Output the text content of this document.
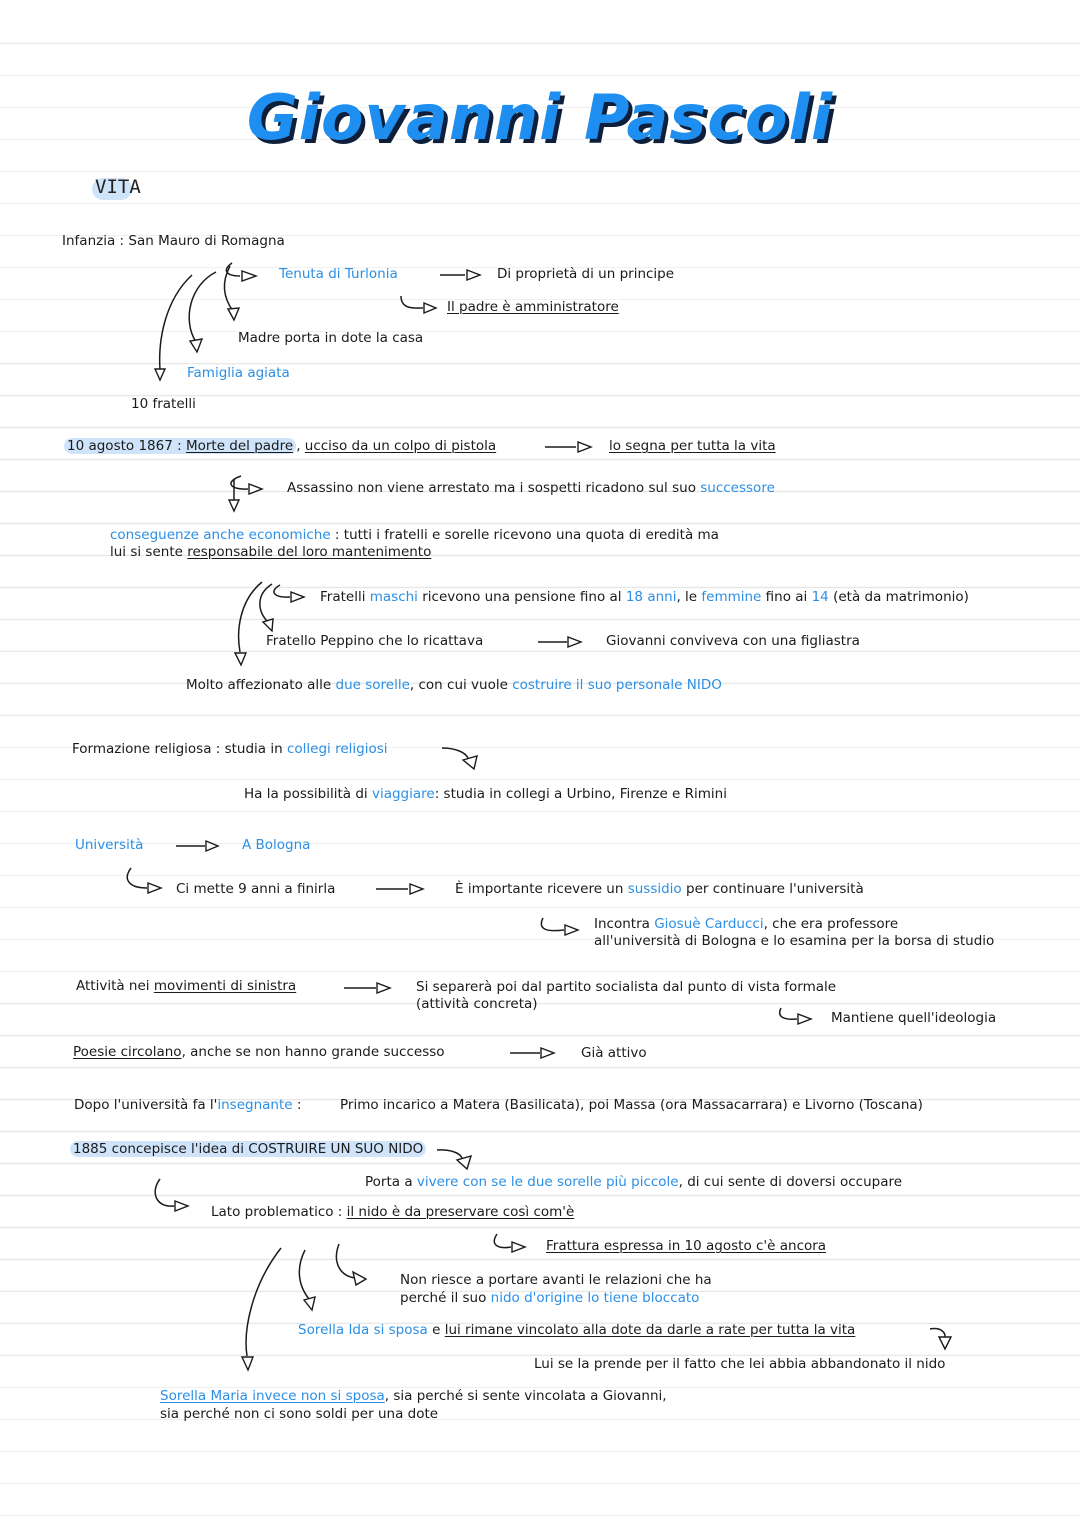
Giovanni Pascoli
VITA
Infanzia : San Mauro di Romagna
Tenuta di Turlonia	Di proprietà di un principe
Il padre è amministratore
Madre porta in dote la casa
Famiglia agiata
10 fratelli
10 agosto 1867 : Morte del padre , ucciso da un colpo di pistola	lo segna per tutta la vita
Assassino non viene arrestato ma i sospetti ricadono sul suo successore
conseguenze anche economiche : tutti i fratelli e sorelle ricevono una quota di eredità ma
lui si sente responsabile del loro mantenimento
Fratelli maschi ricevono una pensione fino al 18 anni, le femmine fino ai 14 (età da matrimonio)
Fratello Peppino che lo ricattava	Giovanni conviveva con una figliastra
Molto affezionato alle due sorelle, con cui vuole costruire il suo personale NIDO
Formazione religiosa : studia in collegi religiosi
Ha la possibilità di viaggiare: studia in collegi a Urbino, Firenze e Rimini
Università	A Bologna
Ci mette 9 anni a finirla	È importante ricevere un sussidio per continuare l'università
Incontra Giosuè Carducci, che era professore
all'università di Bologna e lo esamina per la borsa di studio
Attività nei movimenti di sinistra	Si separerà poi dal partito socialista dal punto di vista formale
(attività concreta)
Mantiene quell'ideologia
Poesie circolano, anche se non hanno grande successo	Già attivo
Dopo l'università fa l'insegnante :	Primo incarico a Matera (Basilicata), poi Massa (ora Massacarrara) e Livorno (Toscana)
1885 concepisce l'idea di COSTRUIRE UN SUO NIDO
Porta a vivere con se le due sorelle più piccole, di cui sente di doversi occupare
Lato problematico : il nido è da preservare così com'è
Frattura espressa in 10 agosto c'è ancora
Non riesce a portare avanti le relazioni che ha
perché il suo nido d'origine lo tiene bloccato
Sorella Ida si sposa e lui rimane vincolato alla dote da darle a rate per tutta la vita
Lui se la prende per il fatto che lei abbia abbandonato il nido
Sorella Maria invece non si sposa, sia perché si sente vincolata a Giovanni,
sia perché non ci sono soldi per una dote
